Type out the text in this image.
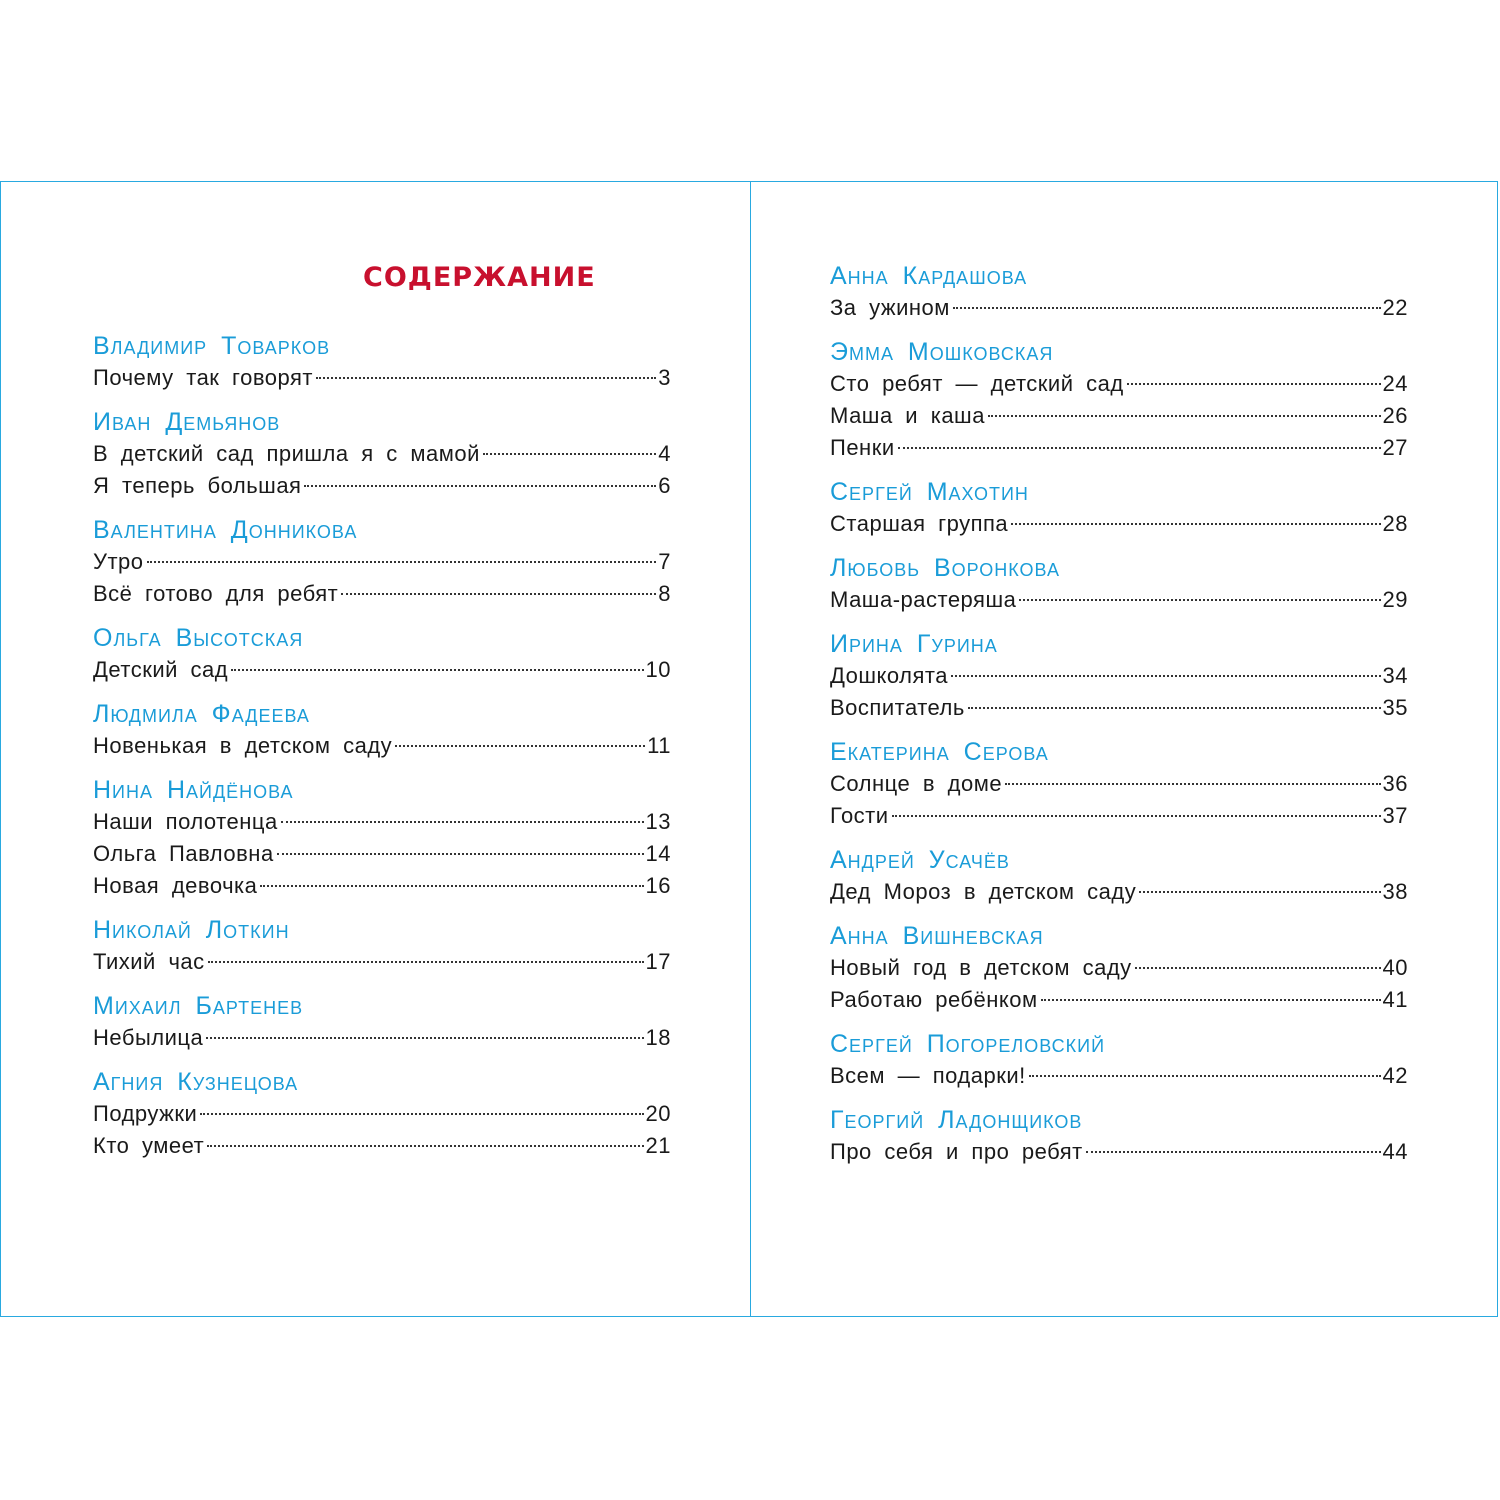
СОДЕРЖАНИЕ
Владимир Товарков
Почему так говорят	3
Иван Демьянов
В детский сад пришла я с мамой	4
Я теперь большая	6
Валентина Донникова
Утро	7
Всё готово для ребят	8
Ольга Высотская
Детский сад	10
Людмила Фадеева
Новенькая в детском саду	11
Нина Найдёнова
Наши полотенца	13
Ольга Павловна	14
Новая девочка	16
Николай Лоткин
Тихий час	17
Михаил Бартенев
Небылица	18
Агния Кузнецова
Подружки	20
Кто умеет	21
Анна Кардашова
За ужином	22
Эмма Мошковская
Сто ребят — детский сад	24
Маша и каша	26
Пенки	27
Сергей Махотин
Старшая группа	28
Любовь Воронкова
Маша-растеряша	29
Ирина Гурина
Дошколята	34
Воспитатель	35
Екатерина Серова
Солнце в доме	36
Гости	37
Андрей Усачёв
Дед Мороз в детском саду	38
Анна Вишневская
Новый год в детском саду	40
Работаю ребёнком	41
Сергей Погореловский
Всем — подарки!	42
Георгий Ладонщиков
Про себя и про ребят	44
